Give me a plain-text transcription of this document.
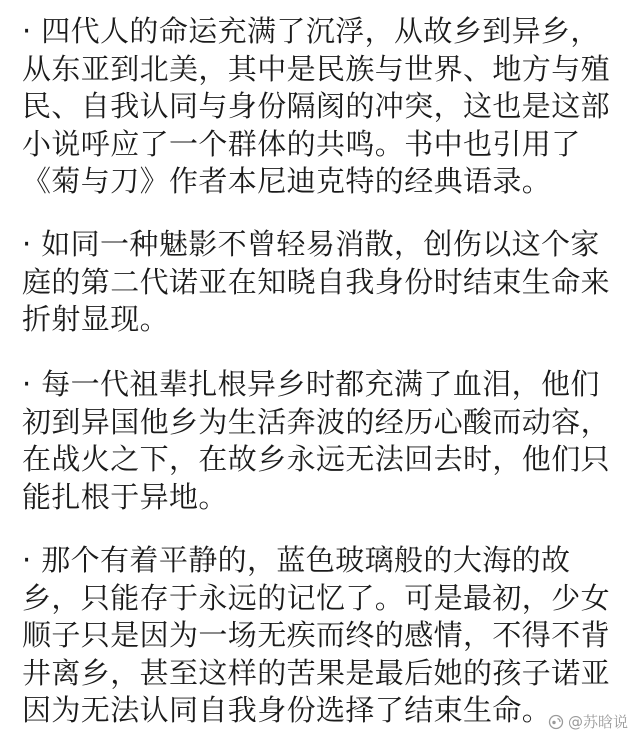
· 四代人的命运充满了沉浮，从故乡到异乡，从东亚到北美，其中是民族与世界、地方与殖民、自我认同与身份隔阂的冲突，这也是这部小说呼应了一个群体的共鸣。书中也引用了《菊与刀》作者本尼迪克特的经典语录。
· 如同一种魅影不曾轻易消散，创伤以这个家庭的第二代诺亚在知晓自我身份时结束生命来折射显现。
· 每一代祖辈扎根异乡时都充满了血泪，他们初到异国他乡为生活奔波的经历心酸而动容，在战火之下，在故乡永远无法回去时，他们只能扎根于异地。
· 那个有着平静的，蓝色玻璃般的大海的故乡，只能存于永远的记忆了。可是最初，少女顺子只是因为一场无疾而终的感情，不得不背井离乡，甚至这样的苦果是最后她的孩子诺亚因为无法认同自我身份选择了结束生命。	@苏晗说
